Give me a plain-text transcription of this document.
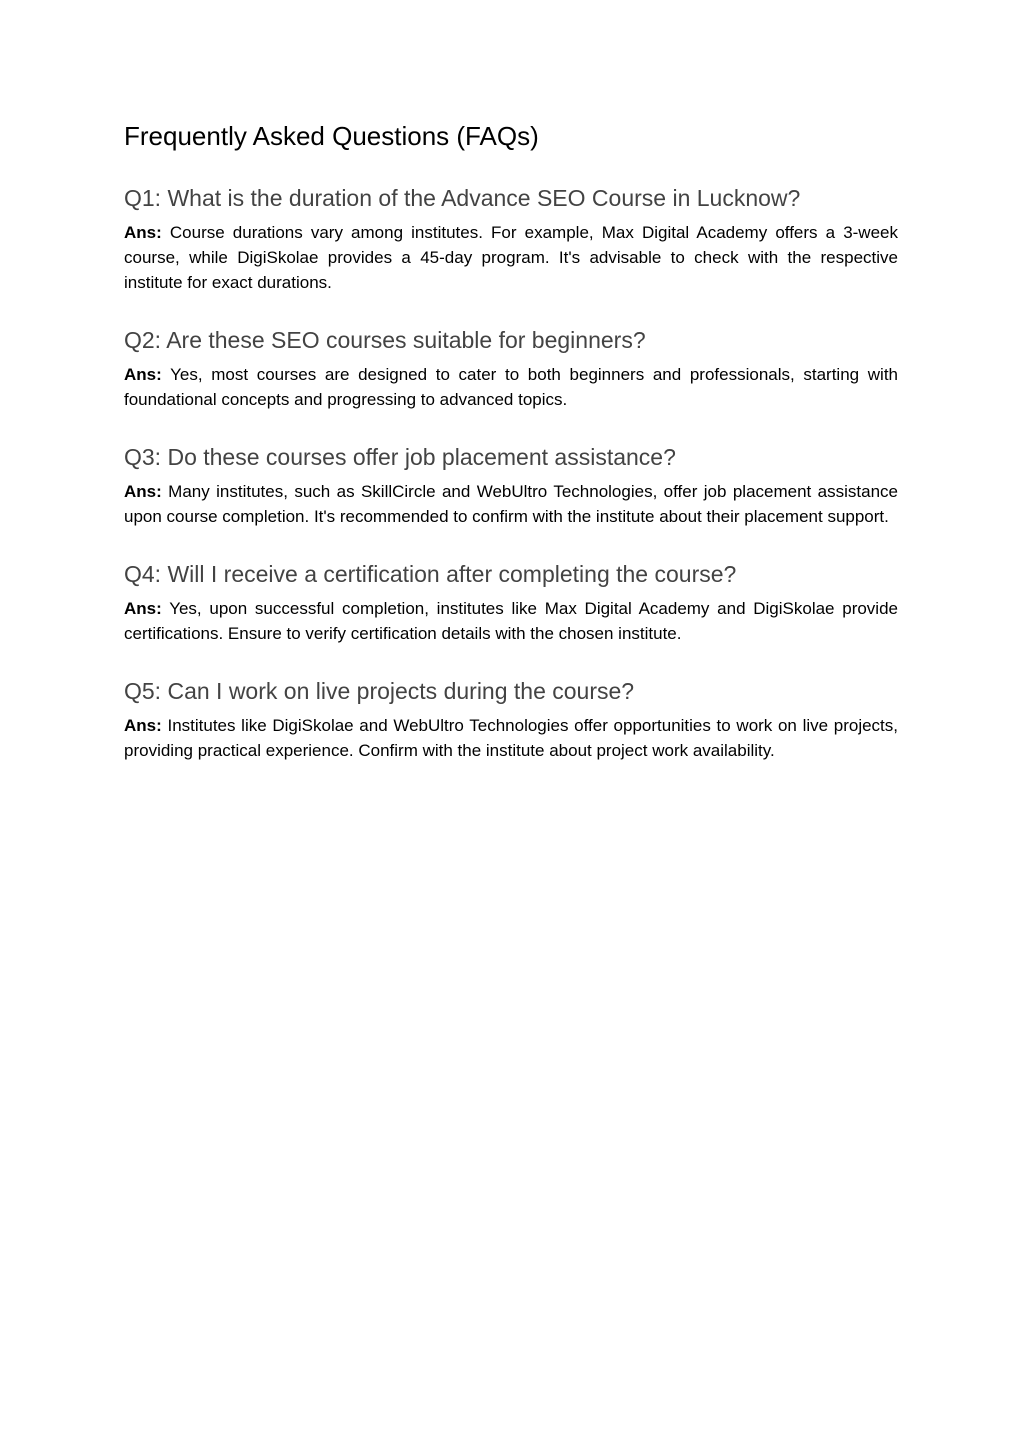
Frequently Asked Questions (FAQs)
Q1: What is the duration of the Advance SEO Course in Lucknow?

Ans: Course durations vary among institutes. For example, Max Digital Academy offers a 3-week course, while DigiSkolae provides a 45-day program. It's advisable to check with the respective institute for exact durations.

Q2: Are these SEO courses suitable for beginners?

Ans: Yes, most courses are designed to cater to both beginners and professionals, starting with foundational concepts and progressing to advanced topics.

Q3: Do these courses offer job placement assistance?

Ans: Many institutes, such as SkillCircle and WebUltro Technologies, offer job placement assistance upon course completion. It's recommended to confirm with the institute about their placement support.

Q4: Will I receive a certification after completing the course?

Ans: Yes, upon successful completion, institutes like Max Digital Academy and DigiSkolae provide certifications. Ensure to verify certification details with the chosen institute.

Q5: Can I work on live projects during the course?

Ans: Institutes like DigiSkolae and WebUltro Technologies offer opportunities to work on live projects, providing practical experience. Confirm with the institute about project work availability.
